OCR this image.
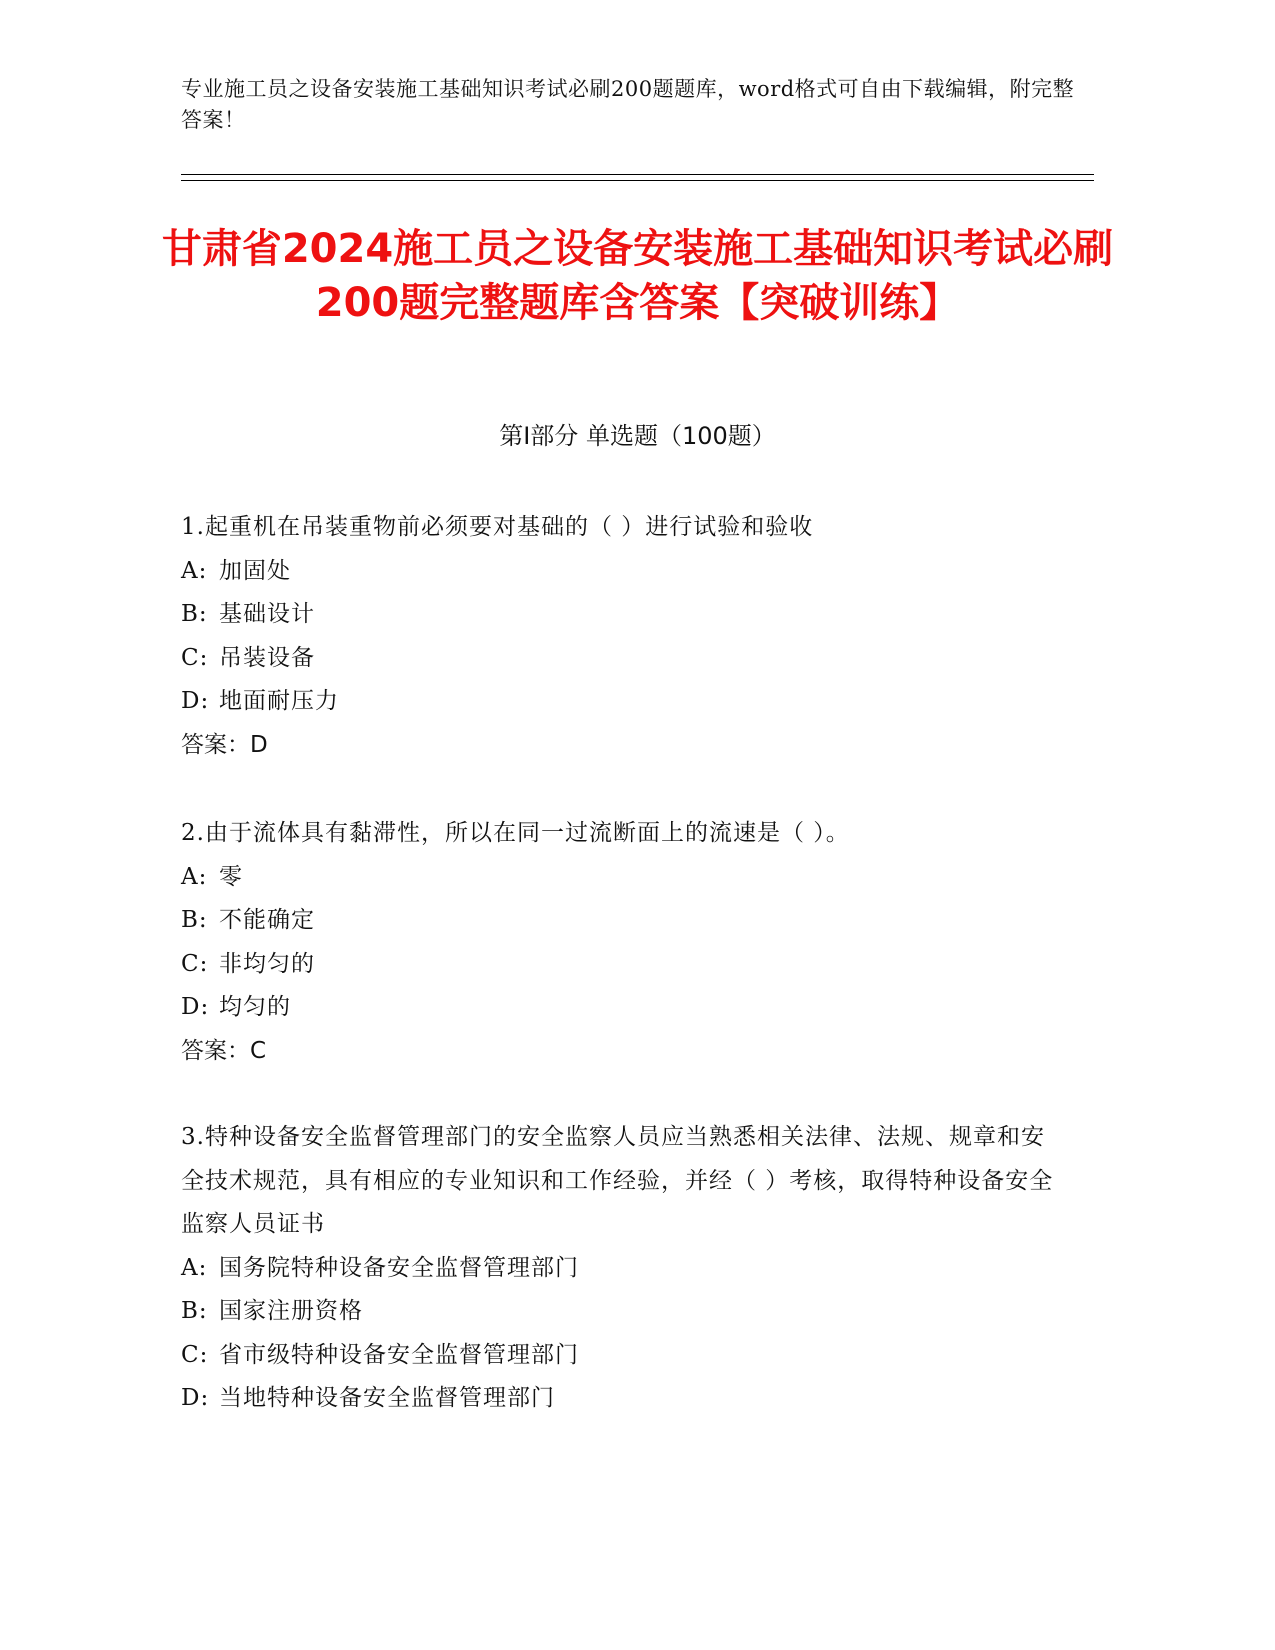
专业施工员之设备安装施工基础知识考试必刷200题题库，word格式可自由下载编辑，附完整答案！
甘肃省2024施工员之设备安装施工基础知识考试必刷200题完整题库含答案【突破训练】
第I部分 单选题（100题）
1.起重机在吊装重物前必须要对基础的（ ）进行试验和验收
A: 加固处
B: 基础设计
C: 吊装设备
D: 地面耐压力
答案：D
2.由于流体具有黏滞性，所以在同一过流断面上的流速是（ ）。
A: 零
B: 不能确定
C: 非均匀的
D: 均匀的
答案：C
3.特种设备安全监督管理部门的安全监察人员应当熟悉相关法律、法规、规章和安全技术规范，具有相应的专业知识和工作经验，并经（ ）考核，取得特种设备安全监察人员证书
A: 国务院特种设备安全监督管理部门
B: 国家注册资格
C: 省市级特种设备安全监督管理部门
D: 当地特种设备安全监督管理部门
